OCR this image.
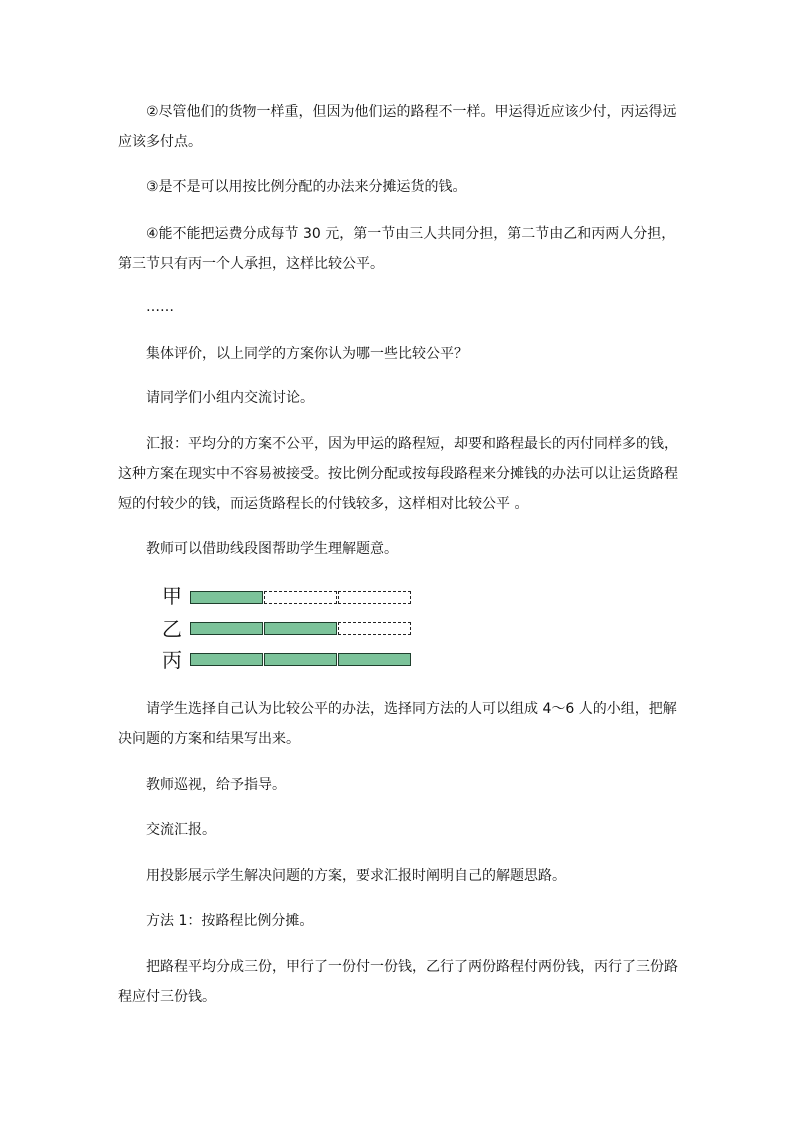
②尽管他们的货物一样重，但因为他们运的路程不一样。甲运得近应该少付，丙运得远
应该多付点。

③是不是可以用按比例分配的办法来分摊运货的钱。

④能不能把运费分成每节 30 元，第一节由三人共同分担，第二节由乙和丙两人分担，
第三节只有丙一个人承担，这样比较公平。

……

集体评价，以上同学的方案你认为哪一些比较公平？

请同学们小组内交流讨论。

汇报：平均分的方案不公平，因为甲运的路程短，却要和路程最长的丙付同样多的钱，
这种方案在现实中不容易被接受。按比例分配或按每段路程来分摊钱的办法可以让运货路程
短的付较少的钱，而运货路程长的付钱较多，这样相对比较公平 。

教师可以借助线段图帮助学生理解题意。

甲
乙
丙

请学生选择自己认为比较公平的办法，选择同方法的人可以组成 4～6 人的小组，把解
决问题的方案和结果写出来。

教师巡视，给予指导。

交流汇报。

用投影展示学生解决问题的方案，要求汇报时阐明自己的解题思路。

方法 1：按路程比例分摊。

把路程平均分成三份，甲行了一份付一份钱，乙行了两份路程付两份钱，丙行了三份路
程应付三份钱。
